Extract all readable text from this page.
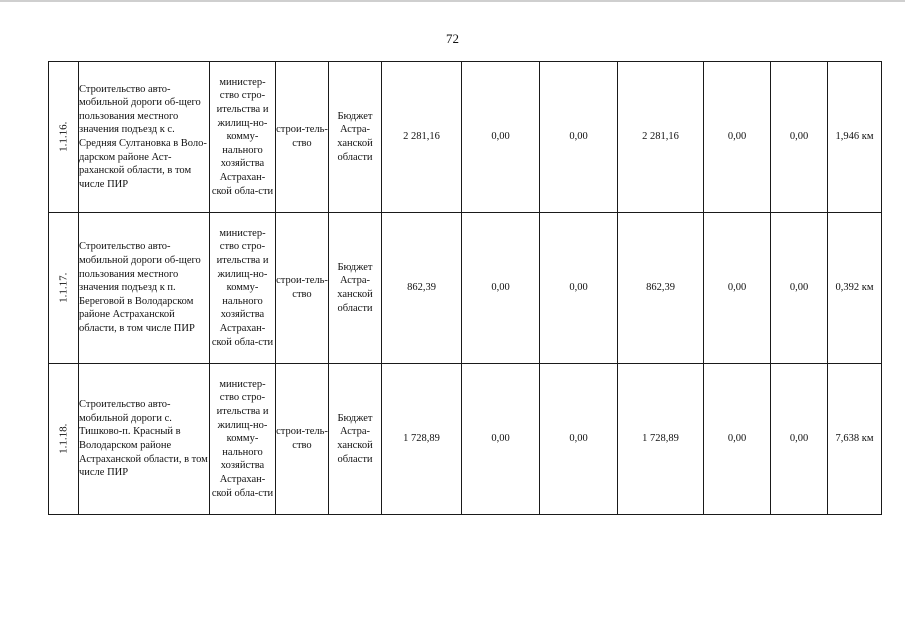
72
1.1.16.	Строительство авто-мобильной дороги об-щего пользования местного значения подъезд к с. Средняя Султановка в Воло-дарском районе Аст-раханской области, в том числе ПИР	министер-ство стро-ительства и жилищ-но-комму-нального хозяйства Астрахан-ской обла-сти	строи-тель-ство	Бюджет Астра-ханской области	2 281,16	0,00	0,00	2 281,16	0,00	0,00	1,946 км
1.1.17.	Строительство авто-мобильной дороги об-щего пользования местного значения подъезд к п. Береговой в Володарском районе Астраханской области, в том числе ПИР	министер-ство стро-ительства и жилищ-но-комму-нального хозяйства Астрахан-ской обла-сти	строи-тель-ство	Бюджет Астра-ханской области	862,39	0,00	0,00	862,39	0,00	0,00	0,392 км
1.1.18.	Строительство авто-мобильной дороги с. Тишково-п. Красный в Володарском районе Астраханской области, в том числе ПИР	министер-ство стро-ительства и жилищ-но-комму-нального хозяйства Астрахан-ской обла-сти	строи-тель-ство	Бюджет Астра-ханской области	1 728,89	0,00	0,00	1 728,89	0,00	0,00	7,638 км
